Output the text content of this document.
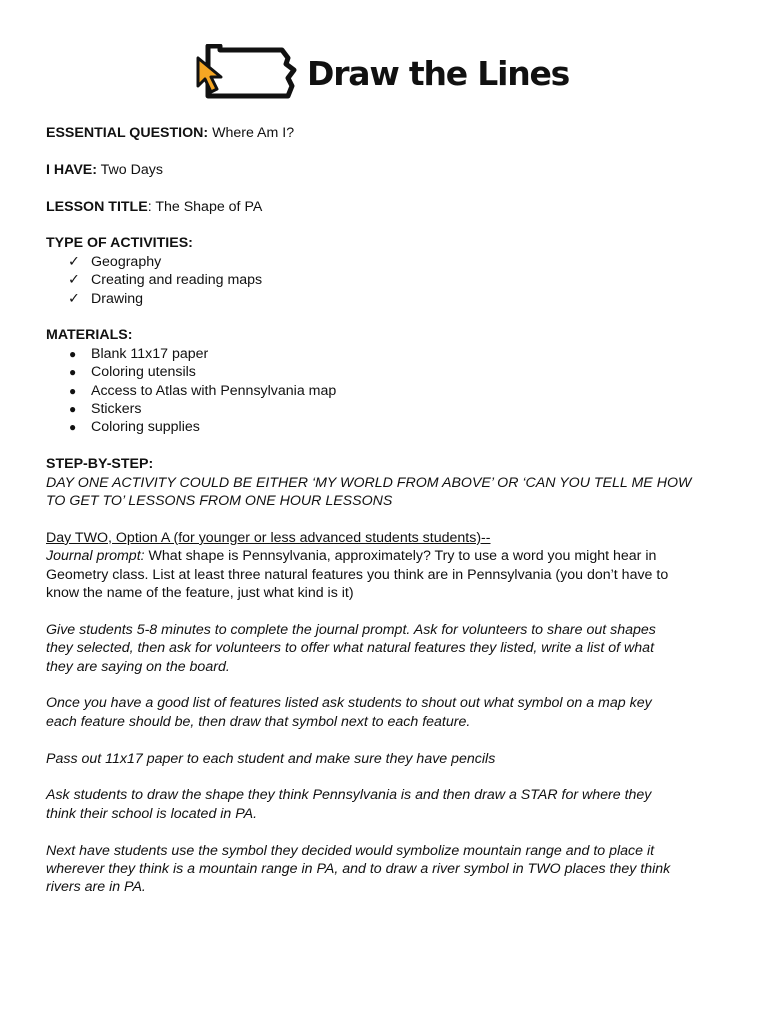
Draw the Lines
ESSENTIAL QUESTION: Where Am I?
I HAVE: Two Days
LESSON TITLE: The Shape of PA
TYPE OF ACTIVITIES:
✓ Geography
✓ Creating and reading maps
✓ Drawing
MATERIALS:
● Blank 11x17 paper
● Coloring utensils
● Access to Atlas with Pennsylvania map
● Stickers
● Coloring supplies
STEP-BY-STEP:
DAY ONE ACTIVITY COULD BE EITHER ‘MY WORLD FROM ABOVE’ OR ‘CAN YOU TELL ME HOW
TO GET TO’ LESSONS FROM ONE HOUR LESSONS
Day TWO, Option A (for younger or less advanced students students)--
Journal prompt: What shape is Pennsylvania, approximately? Try to use a word you might hear in
Geometry class. List at least three natural features you think are in Pennsylvania (you don’t have to
know the name of the feature, just what kind is it)
Give students 5-8 minutes to complete the journal prompt. Ask for volunteers to share out shapes
they selected, then ask for volunteers to offer what natural features they listed, write a list of what
they are saying on the board.
Once you have a good list of features listed ask students to shout out what symbol on a map key
each feature should be, then draw that symbol next to each feature.
Pass out 11x17 paper to each student and make sure they have pencils
Ask students to draw the shape they think Pennsylvania is and then draw a STAR for where they
think their school is located in PA.
Next have students use the symbol they decided would symbolize mountain range and to place it
wherever they think is a mountain range in PA, and to draw a river symbol in TWO places they think
rivers are in PA.
